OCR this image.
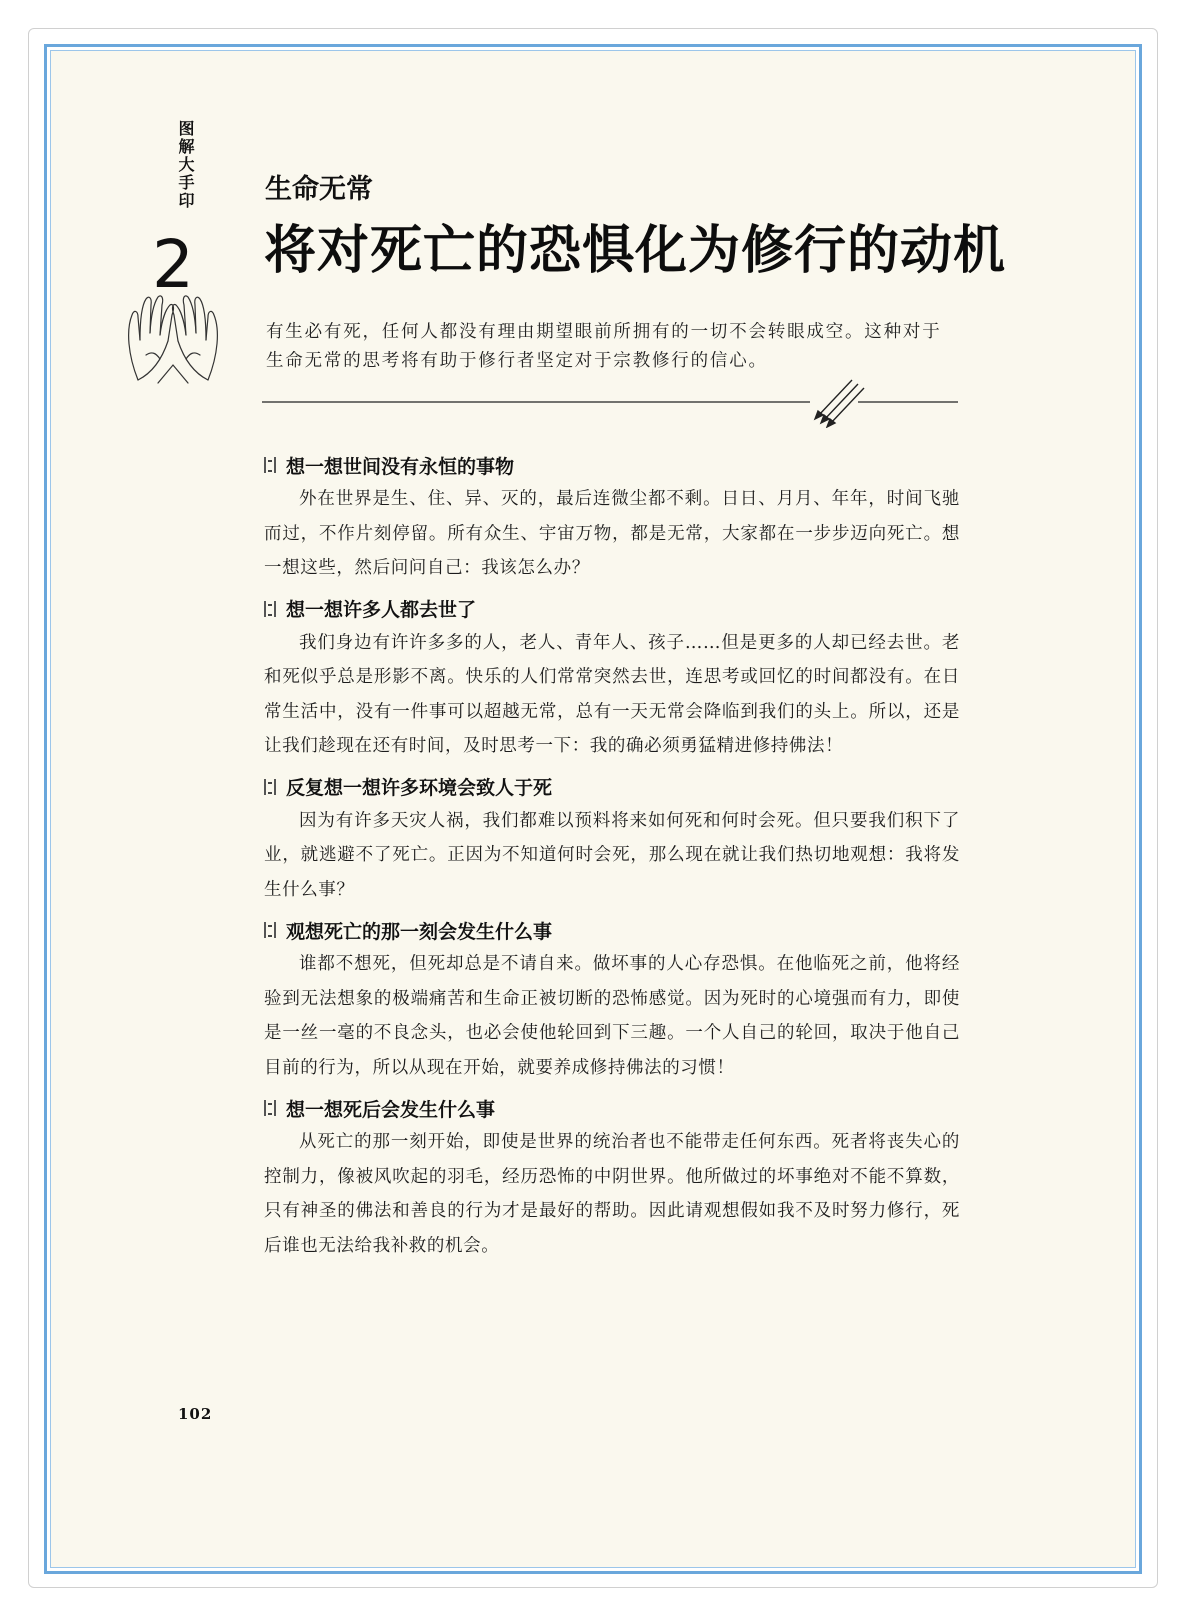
图解大手印
2
生命无常
将对死亡的恐惧化为修行的动机
有生必有死，任何人都没有理由期望眼前所拥有的一切不会转眼成空。这种对于生命无常的思考将有助于修行者坚定对于宗教修行的信心。
想一想世间没有永恒的事物

外在世界是生、住、异、灭的，最后连微尘都不剩。日日、月月、年年，时间飞驰而过，不作片刻停留。所有众生、宇宙万物，都是无常，大家都在一步步迈向死亡。想一想这些，然后问问自己：我该怎么办？

想一想许多人都去世了

我们身边有许许多多的人，老人、青年人、孩子……但是更多的人却已经去世。老和死似乎总是形影不离。快乐的人们常常突然去世，连思考或回忆的时间都没有。在日常生活中，没有一件事可以超越无常，总有一天无常会降临到我们的头上。所以，还是让我们趁现在还有时间，及时思考一下：我的确必须勇猛精进修持佛法！

反复想一想许多环境会致人于死

因为有许多天灾人祸，我们都难以预料将来如何死和何时会死。但只要我们积下了业，就逃避不了死亡。正因为不知道何时会死，那么现在就让我们热切地观想：我将发生什么事？

观想死亡的那一刻会发生什么事

谁都不想死，但死却总是不请自来。做坏事的人心存恐惧。在他临死之前，他将经验到无法想象的极端痛苦和生命正被切断的恐怖感觉。因为死时的心境强而有力，即使是一丝一毫的不良念头，也必会使他轮回到下三趣。一个人自己的轮回，取决于他自己目前的行为，所以从现在开始，就要养成修持佛法的习惯！

想一想死后会发生什么事

从死亡的那一刻开始，即使是世界的统治者也不能带走任何东西。死者将丧失心的控制力，像被风吹起的羽毛，经历恐怖的中阴世界。他所做过的坏事绝对不能不算数，只有神圣的佛法和善良的行为才是最好的帮助。因此请观想假如我不及时努力修行，死后谁也无法给我补救的机会。

102
